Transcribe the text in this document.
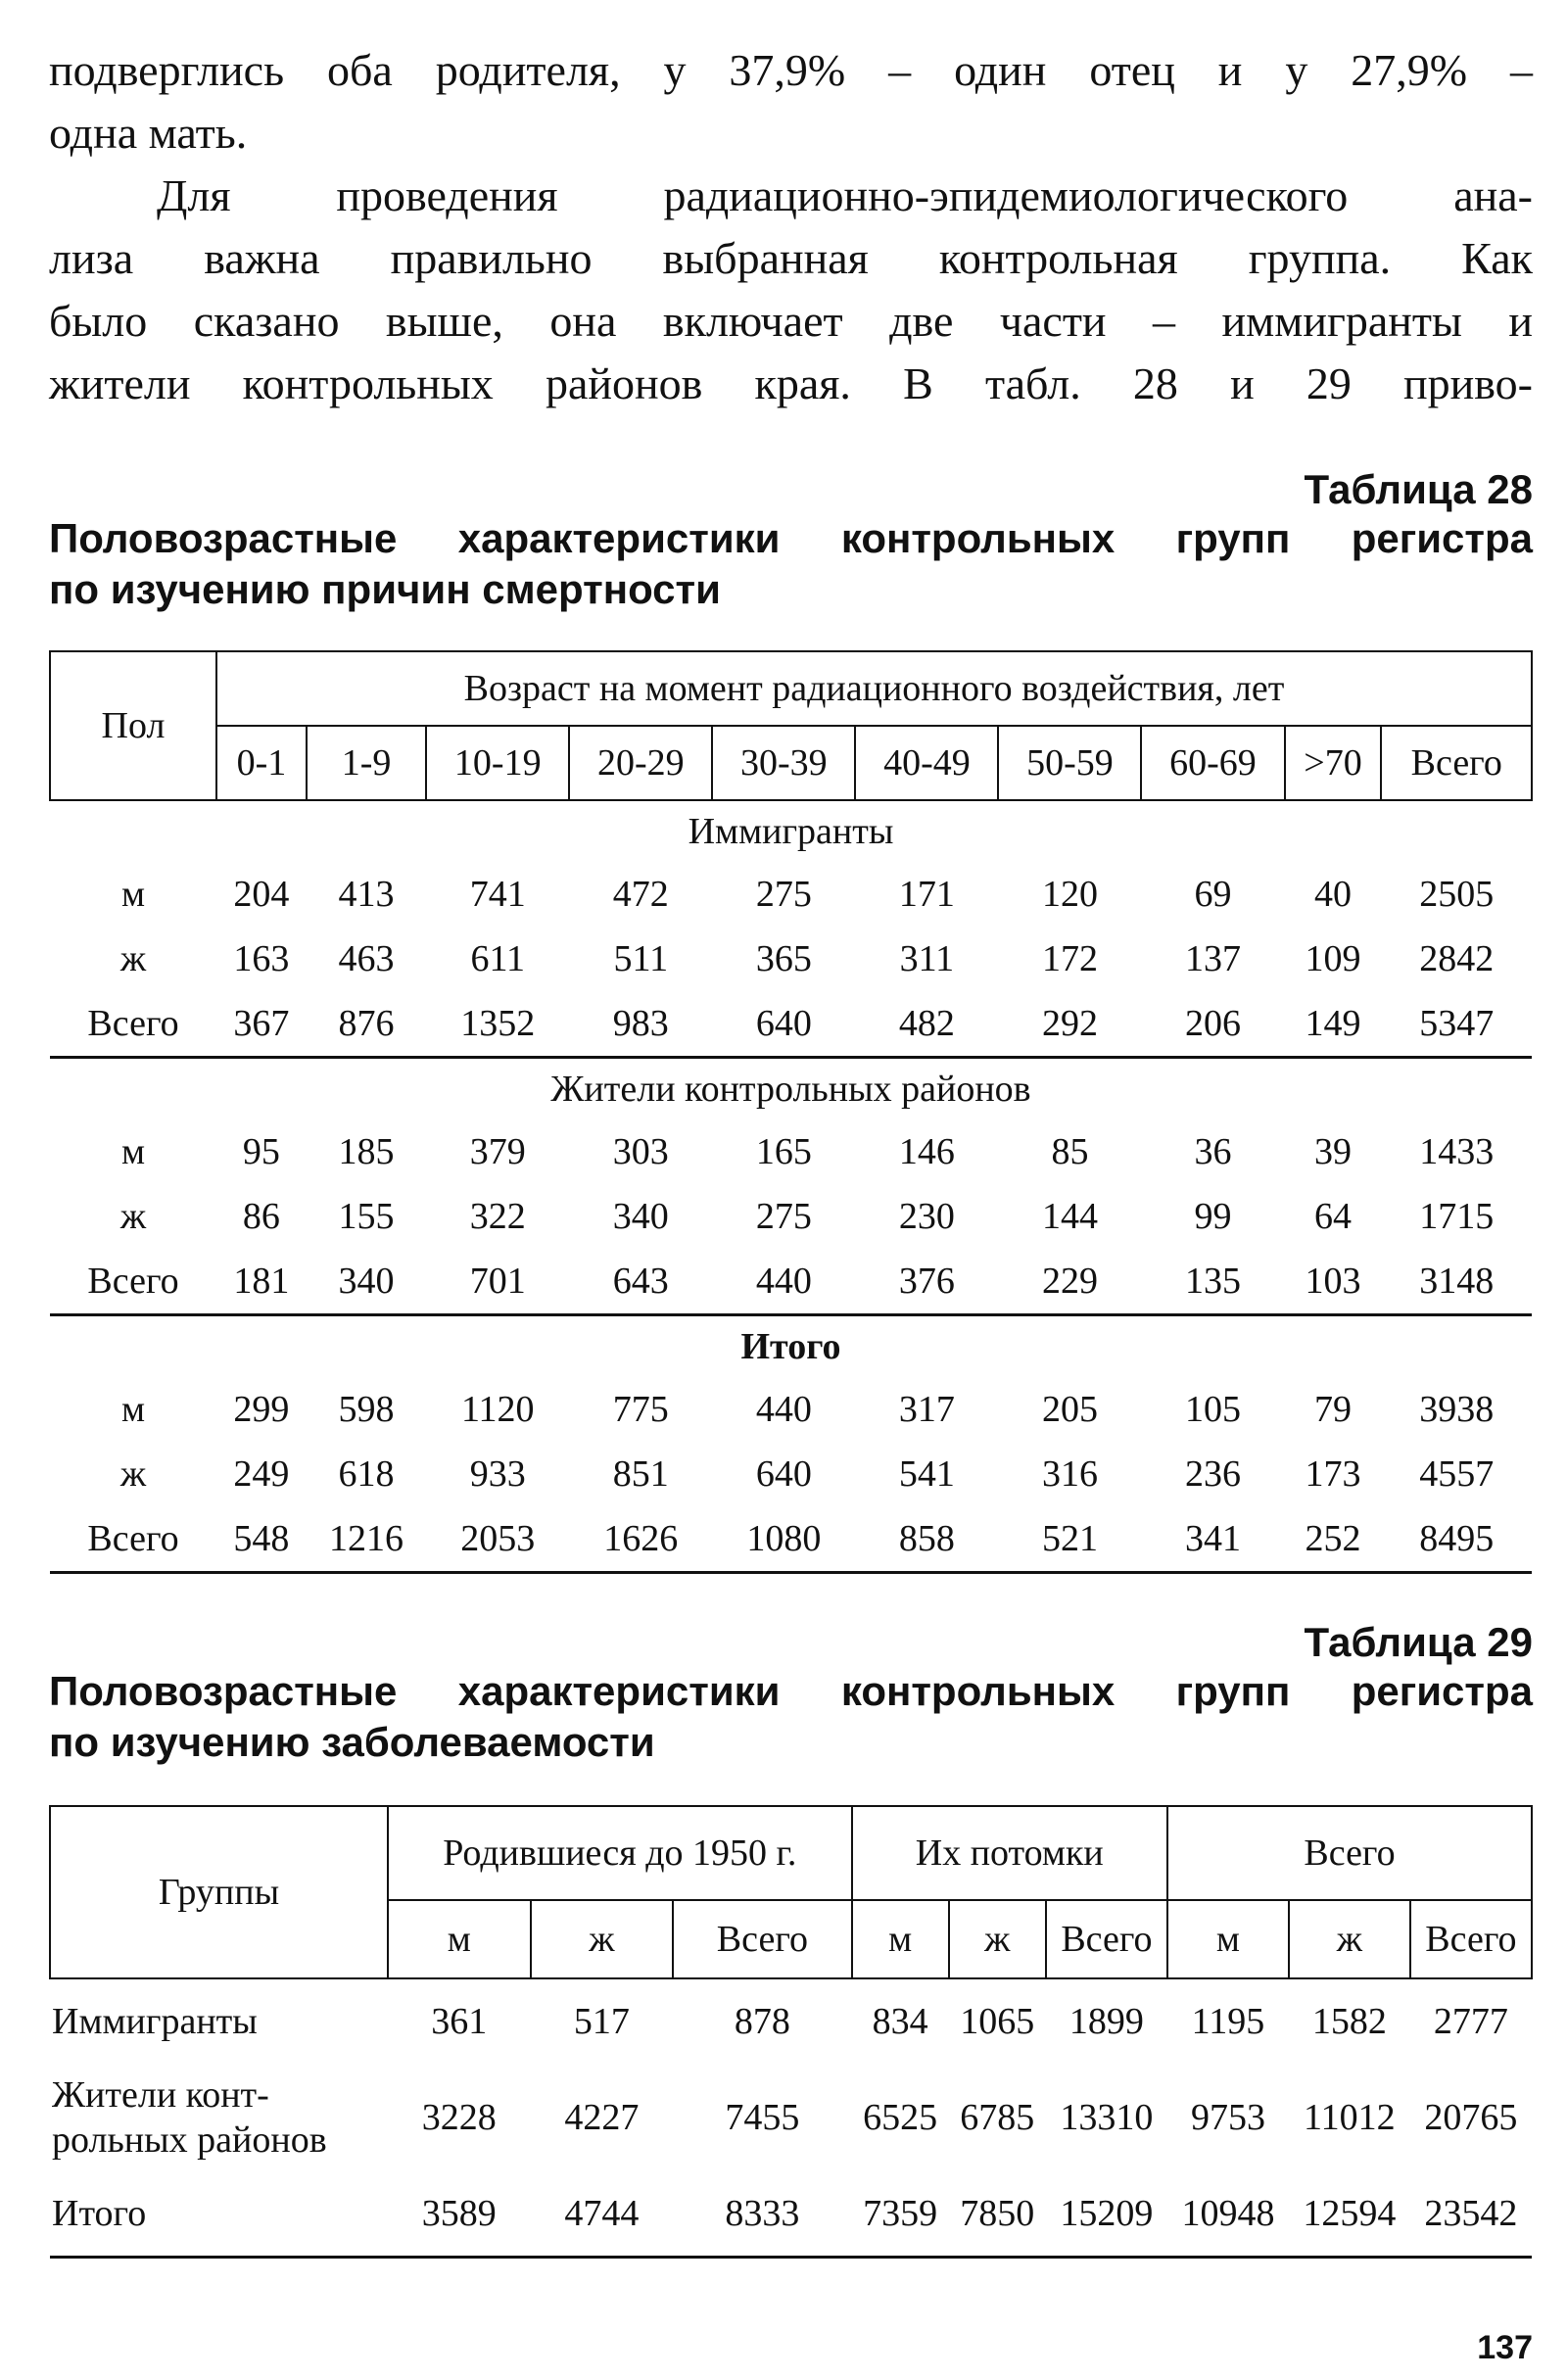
подверглись оба родителя, у 37,9% – один отец и у 27,9% –
одна мать.

Для проведения радиационно-эпидемиологического ана-
лиза важна правильно выбранная контрольная группа. Как
было сказано выше, она включает две части – иммигранты и
жители контрольных районов края. В табл. 28 и 29 приво-

Таблица 28

Половозрастные характеристики контрольных групп регистра
по изучению причин смертности

Пол	Возраст на момент радиационного воздействия, лет									
	0-1	1-9	10-19	20-29	30-39	40-49	50-59	60-69	>70	Всего
Иммигранты										
м	204	413	741	472	275	171	120	69	40	2505
ж	163	463	611	511	365	311	172	137	109	2842
Всего	367	876	1352	983	640	482	292	206	149	5347
Жители контрольных районов										
м	95	185	379	303	165	146	85	36	39	1433
ж	86	155	322	340	275	230	144	99	64	1715
Всего	181	340	701	643	440	376	229	135	103	3148
Итого										
м	299	598	1120	775	440	317	205	105	79	3938
ж	249	618	933	851	640	541	316	236	173	4557
Всего	548	1216	2053	1626	1080	858	521	341	252	8495

Таблица 29

Половозрастные характеристики контрольных групп регистра
по изучению заболеваемости

Группы	Родившиеся до 1950 г.			Их потомки			Всего		
	м	ж	Всего	м	ж	Всего	м	ж	Всего
Иммигранты	361	517	878	834	1065	1899	1195	1582	2777

Жители конт-
рольных районов	3228	4227	7455	6525	6785	13310	9753	11012	20765
Итого	3589	4744	8333	7359	7850	15209	10948	12594	23542
137
